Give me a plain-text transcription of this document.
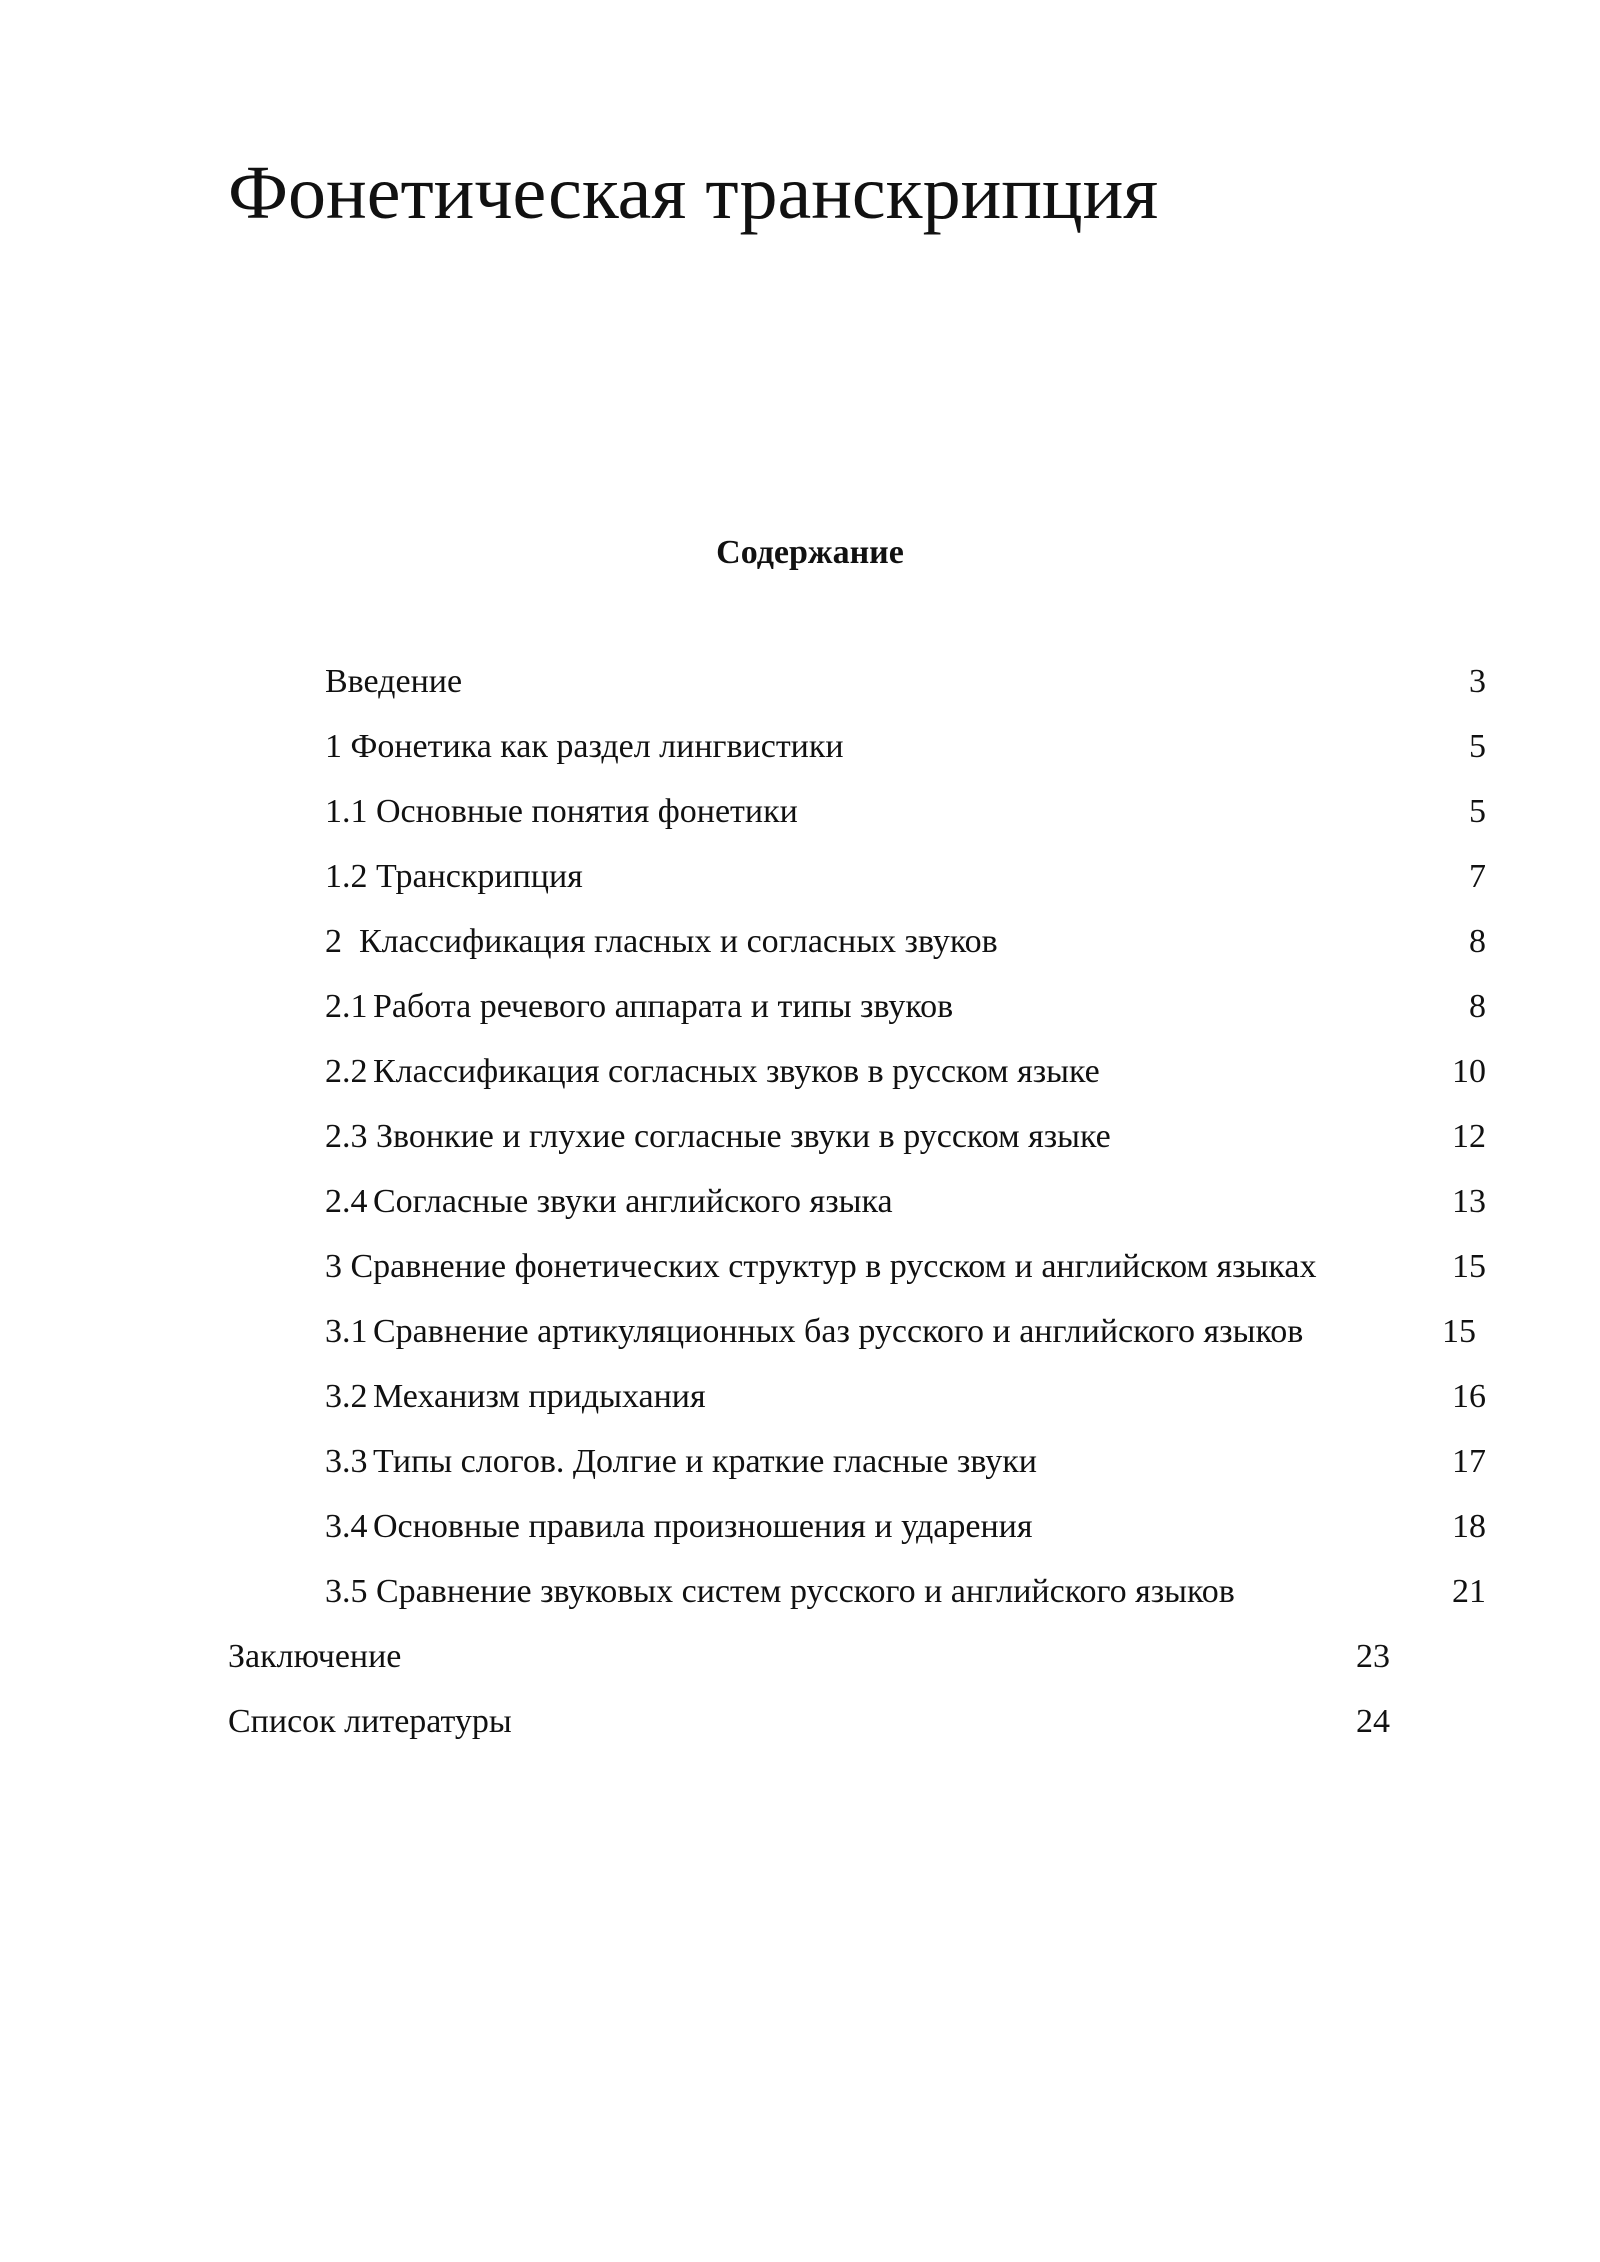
Фонетическая транскрипция
Содержание
Введение	3
1 Фонетика как раздел лингвистики	5
1.1 Основные понятия фонетики	5
1.2 Транскрипция	7
2  Классификация гласных и согласных звуков	8
2.1 Работа речевого аппарата и типы звуков	8
2.2 Классификация согласных звуков в русском языке	10
2.3 Звонкие и глухие согласные звуки в русском языке	12
2.4 Согласные звуки английского языка	13
3 Сравнение фонетических структур в русском и английском языках	15
3.1 Сравнение артикуляционных баз русского и английского языков	15
3.2 Механизм придыхания	16
3.3 Типы слогов. Долгие и краткие гласные звуки	17
3.4 Основные правила произношения и ударения	18
3.5 Сравнение звуковых систем русского и английского языков	21
Заключение	23
Список литературы	24
